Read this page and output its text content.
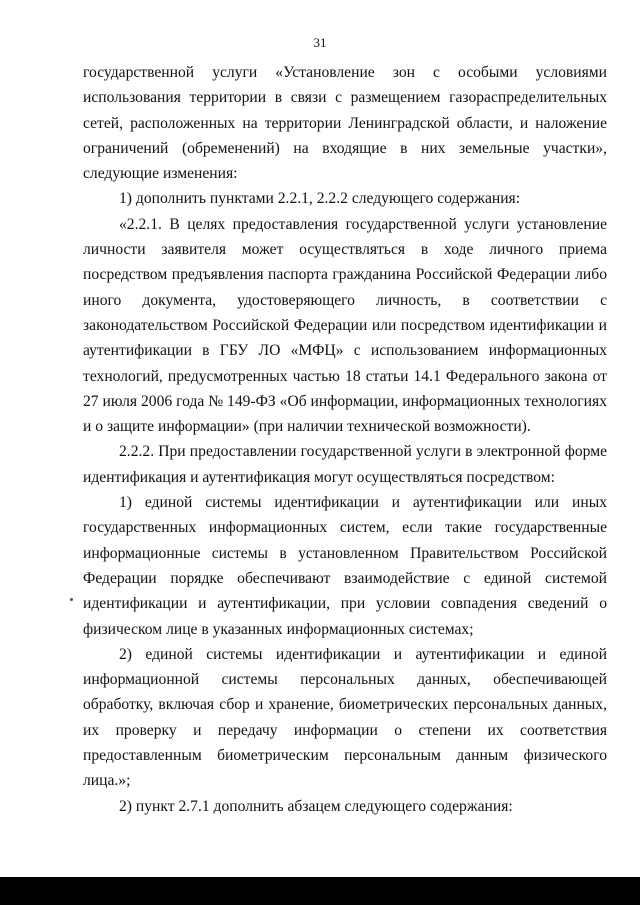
31

государственной услуги «Установление зон с особыми условиями использования территории в связи с размещением газораспределительных сетей, расположенных на территории Ленинградской области, и наложение ограничений (обременений) на входящие в них земельные участки», следующие изменения:

1) дополнить пунктами 2.2.1, 2.2.2 следующего содержания:

«2.2.1. В целях предоставления государственной услуги установление личности заявителя может осуществляться в ходе личного приема посредством предъявления паспорта гражданина Российской Федерации либо иного документа, удостоверяющего личность, в соответствии с законодательством Российской Федерации или посредством идентификации и аутентификации в ГБУ ЛО «МФЦ» с использованием информационных технологий, предусмотренных частью 18 статьи 14.1 Федерального закона от 27 июля 2006 года № 149-ФЗ «Об информации, информационных технологиях и о защите информации» (при наличии технической возможности).

2.2.2. При предоставлении государственной услуги в электронной форме идентификация и аутентификация могут осуществляться посредством:

1) единой системы идентификации и аутентификации или иных государственных информационных систем, если такие государственные информационные системы в установленном Правительством Российской Федерации порядке обеспечивают взаимодействие с единой системой идентификации и аутентификации, при условии совпадения сведений о физическом лице в указанных информационных системах;

2) единой системы идентификации и аутентификации и единой информационной системы персональных данных, обеспечивающей обработку, включая сбор и хранение, биометрических персональных данных, их проверку и передачу информации о степени их соответствия предоставленным биометрическим персональным данным физического лица.»;

2) пункт 2.7.1 дополнить абзацем следующего содержания:
